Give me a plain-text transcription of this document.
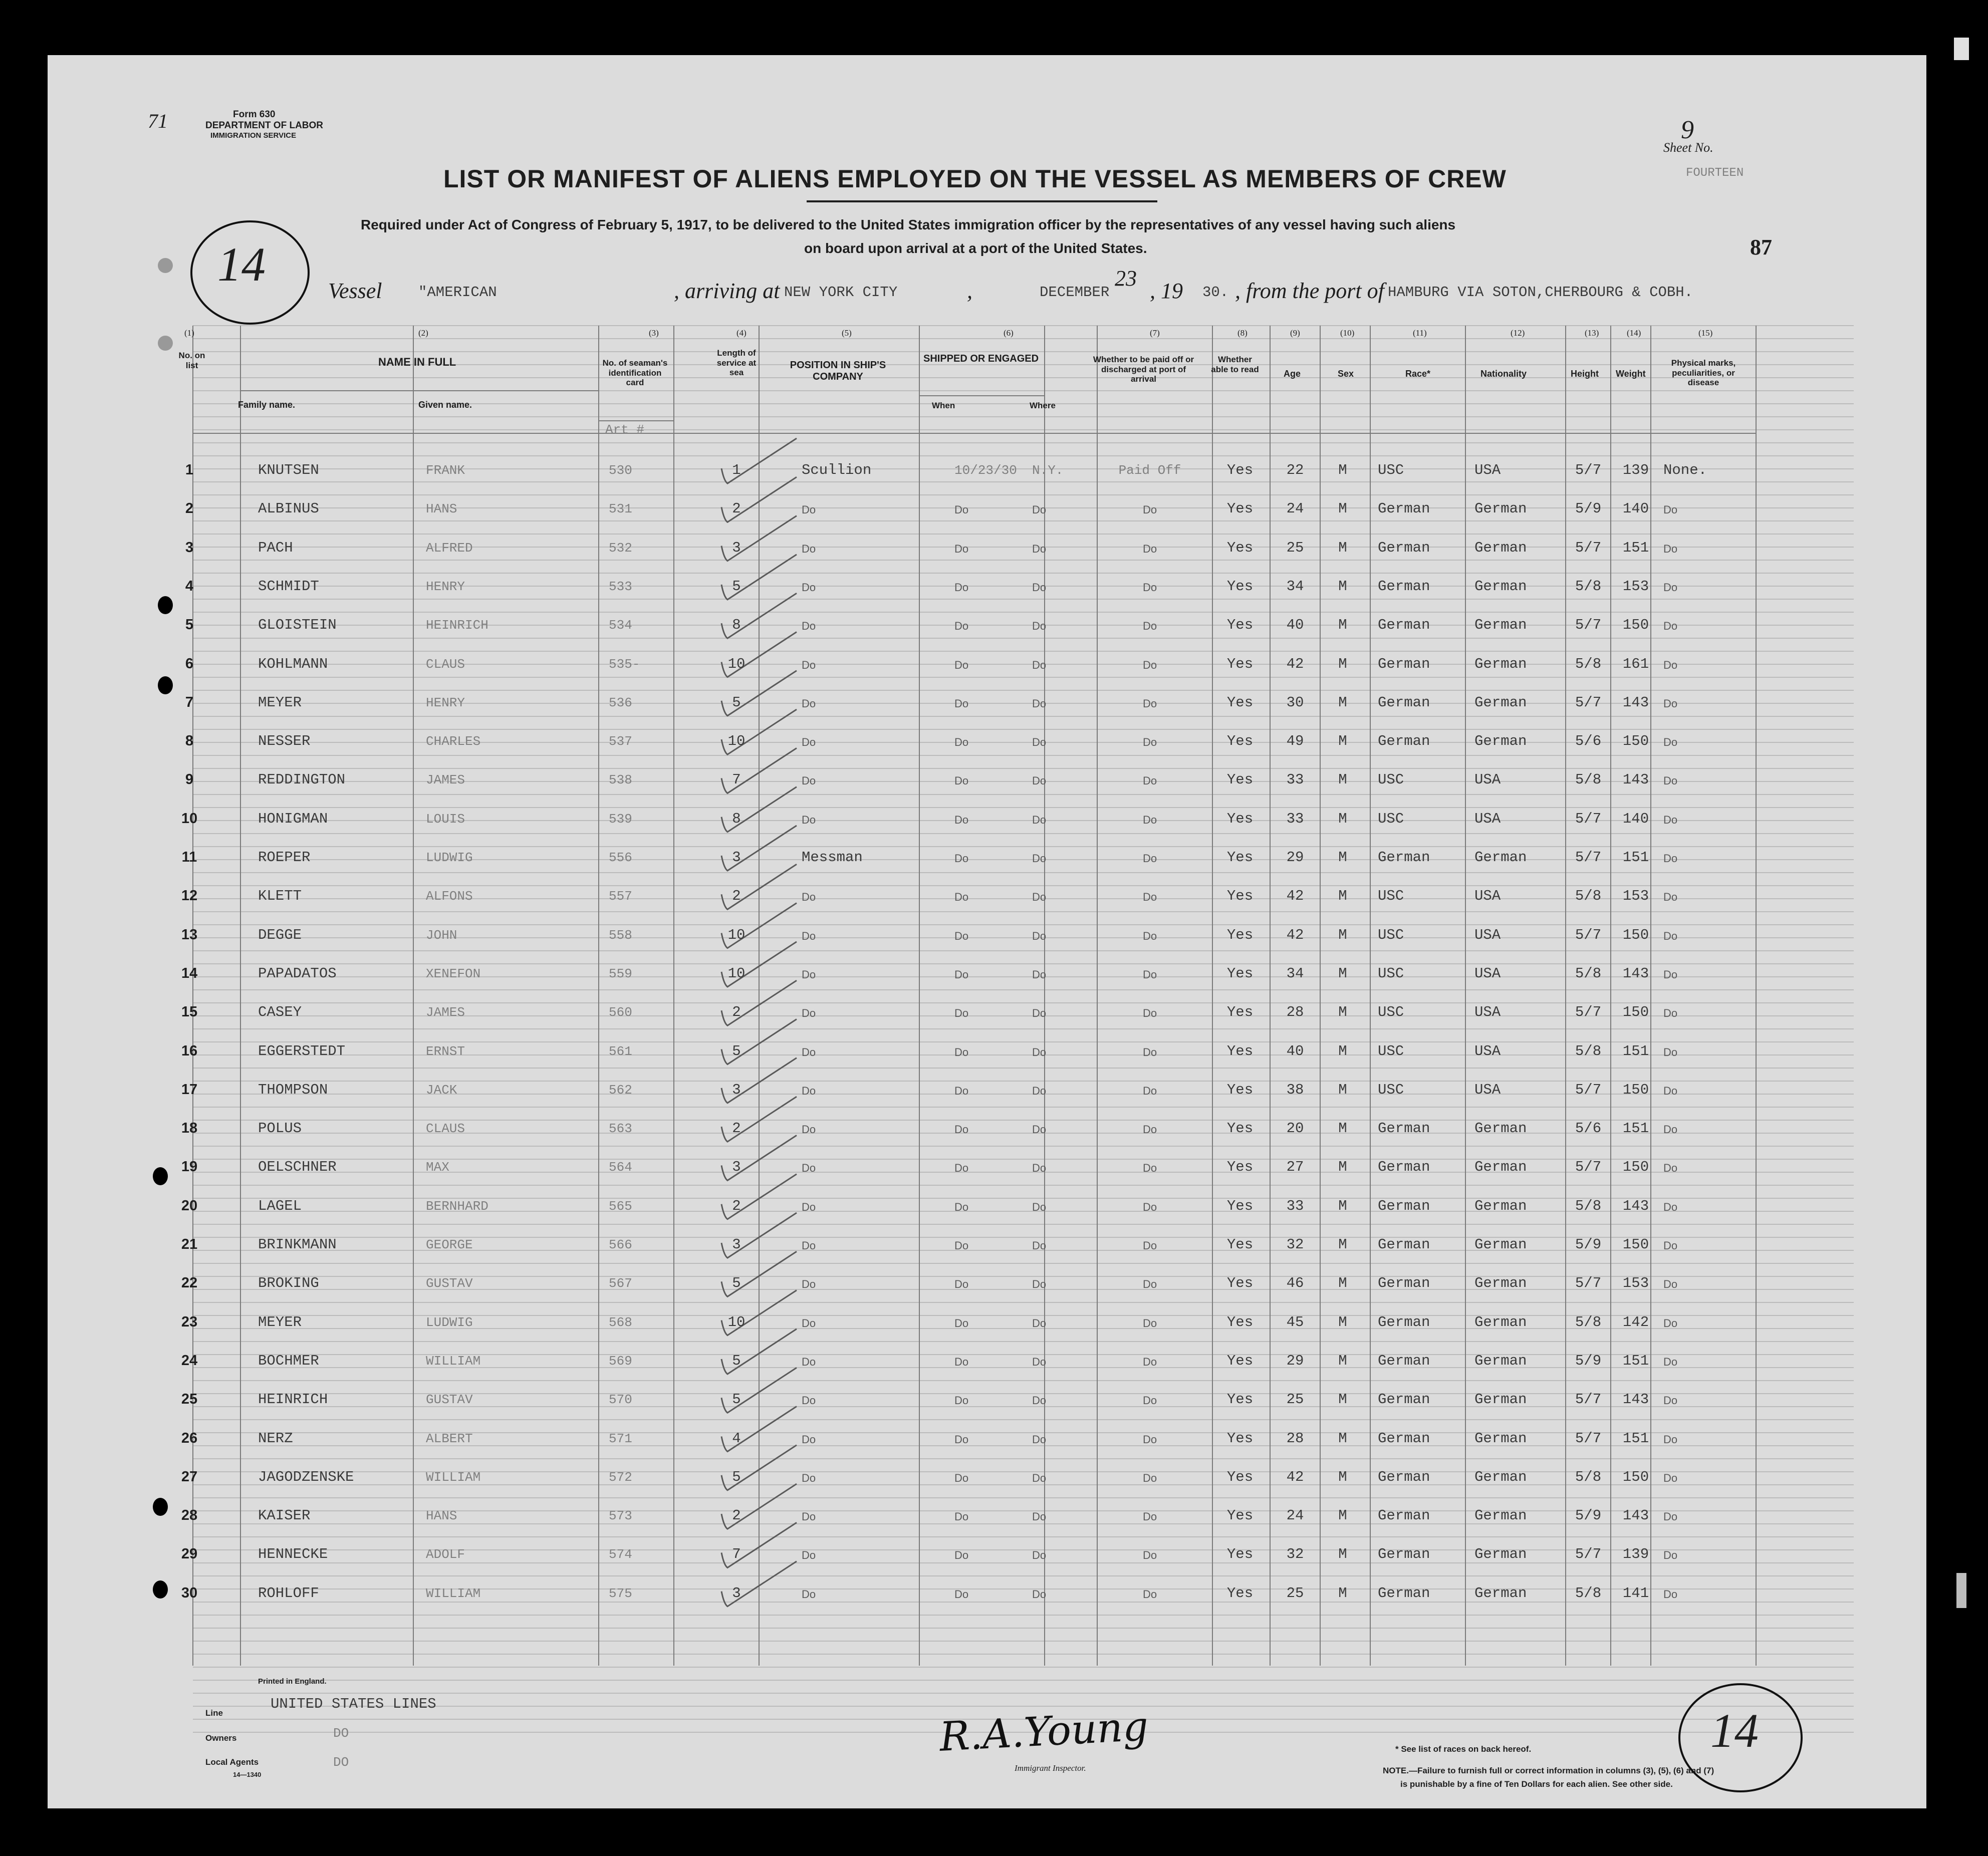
Form 630
DEPARTMENT OF LABOR
IMMIGRATION SERVICE
71
LIST OR MANIFEST OF ALIENS EMPLOYED ON THE VESSEL AS MEMBERS OF CREW
Required under Act of Congress of February 5, 1917, to be delivered to the United States immigration officer by the representatives of any vessel having such aliens
on board upon arrival at a port of the United States.
Sheet No.
9
FOURTEEN
87
14	Vessel "AMERICAN	, arriving at NEW YORK CITY	,	DECEMBER
23
, 19 30. , from the port of HAMBURG VIA SOTON,CHERBOURG & COBH.
(1)	(2)	(3)	(4)	(5)	(6)	(7)	(8)	(9)	(10)	(11)	(12)	(13)	(14)	(15)
No. on list	NAME IN FULL
Family name.	Given name.
No. of seaman's identification card
Length of service at sea
POSITION IN SHIP'S COMPANY
SHIPPED OR ENGAGED
When	Where
Whether to be paid off or discharged at port of arrival
Whether able to read	Age	Sex	Race*	Nationality	Height Weight
Physical marks, peculiarities, or disease
Art #
1	KNUTSEN	FRANK	530	1	Scullion	10/23/30 N.Y.	Paid Off	Yes	22	M	USC	USA	5/7	139 None.
2	ALBINUS	HANS	531	2	Do	Do	Do	Do	Yes	24	M	German	German	5/9	140	Do
3	PACH	ALFRED	532	3	Do	Do	Do	Do	Yes	25	M	German	German	5/7	151	Do
4	SCHMIDT	HENRY	533	5	Do	Do	Do	Do	Yes	34	M	German	German	5/8	153	Do
5	GLOISTEIN	HEINRICH	534	8	Do	Do	Do	Do	Yes	40	M	German	German	5/7	150	Do
6	KOHLMANN	CLAUS	535-	10	Do	Do	Do	Do	Yes	42	M	German	German	5/8	161	Do
7	MEYER	HENRY	536	5	Do	Do	Do	Do	Yes	30	M	German	German	5/7	143	Do
8	NESSER	CHARLES	537	10	Do	Do	Do	Do	Yes	49	M	German	German	5/6	150	Do
9	REDDINGTON	JAMES	538	7	Do	Do	Do	Do	Yes	33	M	USC	USA	5/8	143	Do
10	HONIGMAN	LOUIS	539	8	Do	Do	Do	Do	Yes	33	M	USC	USA	5/7	140	Do
11	ROEPER	LUDWIG	556	3	Messman	Do	Do	Do	Yes	29	M	German	German	5/7	151	Do
12	KLETT	ALFONS	557	2	Do	Do	Do	Do	Yes	42	M	USC	USA	5/8	153	Do
13	DEGGE	JOHN	558	10	Do	Do	Do	Do	Yes	42	M	USC	USA	5/7	150	Do
14	PAPADATOS	XENEFON	559	10	Do	Do	Do	Do	Yes	34	M	USC	USA	5/8	143	Do
15	CASEY	JAMES	560	2	Do	Do	Do	Do	Yes	28	M	USC	USA	5/7	150	Do
16	EGGERSTEDT	ERNST	561	5	Do	Do	Do	Do	Yes	40	M	USC	USA	5/8	151	Do
17	THOMPSON	JACK	562	3	Do	Do	Do	Do	Yes	38	M	USC	USA	5/7	150	Do
18	POLUS	CLAUS	563	2	Do	Do	Do	Do	Yes	20	M	German	German	5/6	151	Do
19	OELSCHNER	MAX	564	3	Do	Do	Do	Do	Yes	27	M	German	German	5/7	150	Do
20	LAGEL	BERNHARD	565	2	Do	Do	Do	Do	Yes	33	M	German	German	5/8	143	Do
21	BRINKMANN	GEORGE	566	3	Do	Do	Do	Do	Yes	32	M	German	German	5/9	150	Do
22	BROKING	GUSTAV	567	5	Do	Do	Do	Do	Yes	46	M	German	German	5/7	153	Do
23	MEYER	LUDWIG	568	10	Do	Do	Do	Do	Yes	45	M	German	German	5/8	142	Do
24	BOCHMER	WILLIAM	569	5	Do	Do	Do	Do	Yes	29	M	German	German	5/9	151	Do
25	HEINRICH	GUSTAV	570	5	Do	Do	Do	Do	Yes	25	M	German	German	5/7	143	Do
26	NERZ	ALBERT	571	4	Do	Do	Do	Do	Yes	28	M	German	German	5/7	151	Do
27	JAGODZENSKE	WILLIAM	572	5	Do	Do	Do	Do	Yes	42	M	German	German	5/8	150	Do
28	KAISER	HANS	573	2	Do	Do	Do	Do	Yes	24	M	German	German	5/9	143	Do
29	HENNECKE	ADOLF	574	7	Do	Do	Do	Do	Yes	32	M	German	German	5/7	139	Do
30	ROHLOFF	WILLIAM	575	3	Do	Do	Do	Do	Yes	25	M	German	German	5/8	141	Do
Printed in England.
Line
UNITED STATES LINES
Owners	DO
Local Agents	DO
14—1340
R.A.Young
Immigrant Inspector.
* See list of races on back hereof.
NOTE.—Failure to furnish full or correct information in columns (3), (5), (6) and (7)
is punishable by a fine of Ten Dollars for each alien. See other side.
14
